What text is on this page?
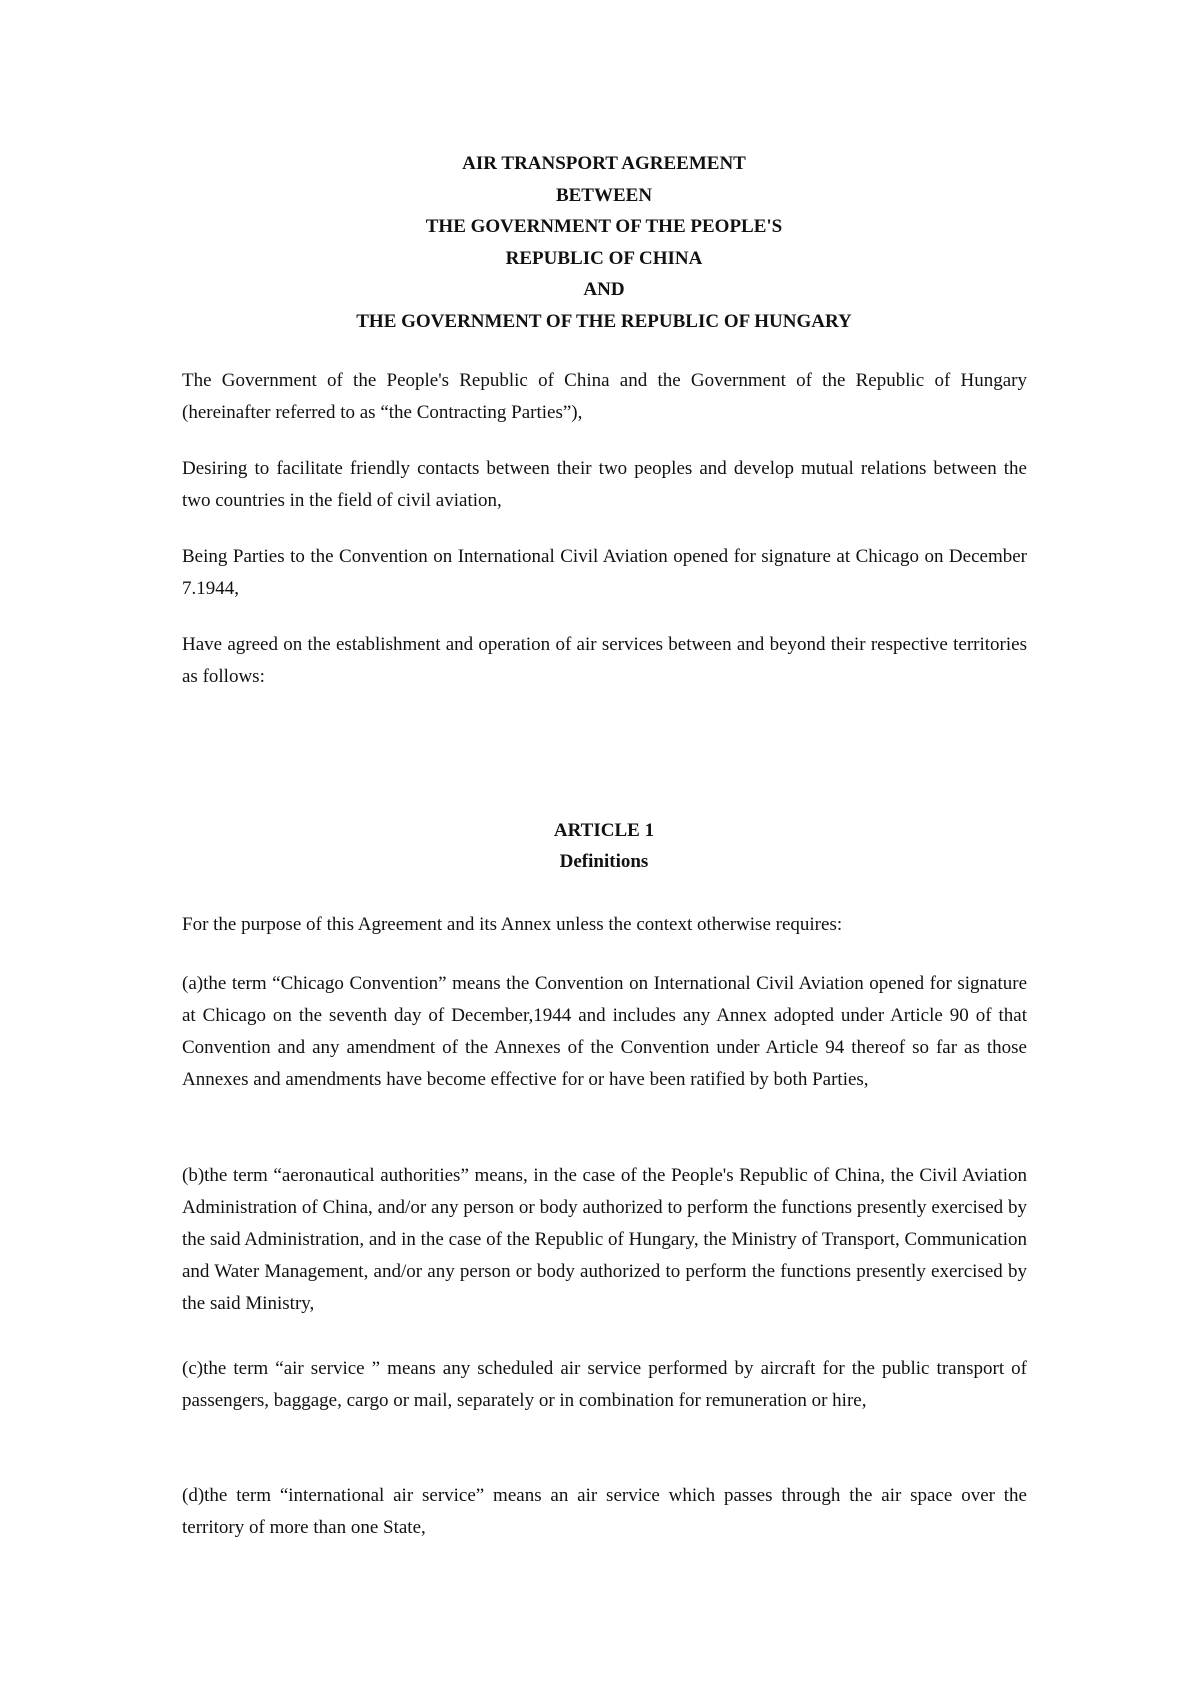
AIR TRANSPORT AGREEMENT
BETWEEN
THE GOVERNMENT OF THE PEOPLE'S
REPUBLIC OF CHINA
AND
THE GOVERNMENT OF THE REPUBLIC OF HUNGARY

The Government of the People's Republic of China and the Government of the Republic of Hungary (hereinafter referred to as “the Contracting Parties”),

Desiring to facilitate friendly contacts between their two peoples and develop mutual relations between the two countries in the field of civil aviation,

Being Parties to the Convention on International Civil Aviation opened for signature at Chicago on December 7.1944,

Have agreed on the establishment and operation of air services between and beyond their respective territories as follows:

ARTICLE 1
Definitions

For the purpose of this Agreement and its Annex unless the context otherwise requires:

(a)the term “Chicago Convention” means the Convention on International Civil Aviation opened for signature at Chicago on the seventh day of December,1944 and includes any Annex adopted under Article 90 of that Convention and any amendment of the Annexes of the Convention under Article 94 thereof so far as those Annexes and amendments have become effective for or have been ratified by both Parties,

(b)the term “aeronautical authorities” means, in the case of the People's Republic of China, the Civil Aviation Administration of China, and/or any person or body authorized to perform the functions presently exercised by the said Administration, and in the case of the Republic of Hungary, the Ministry of Transport, Communication and Water Management, and/or any person or body authorized to perform the functions presently exercised by the said Ministry,

(c)the term “air service ” means any scheduled air service performed by aircraft for the public transport of passengers, baggage, cargo or mail, separately or in combination for remuneration or hire,

(d)the term “international air service” means an air service which passes through the air space over the territory of more than one State,
